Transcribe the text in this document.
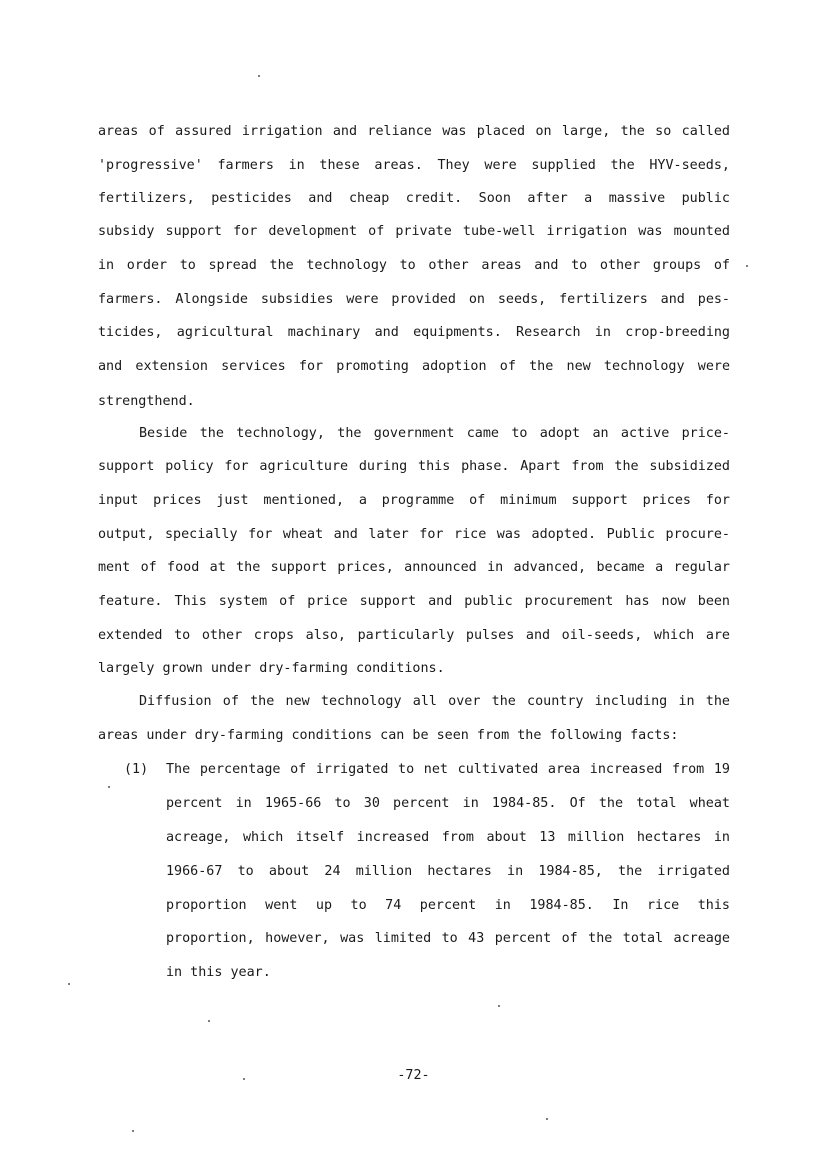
areas of assured irrigation and reliance was placed on large, the so called
'progressive' farmers in these areas. They were supplied the HYV-seeds,
fertilizers, pesticides and cheap credit. Soon after a massive public
subsidy support for development of private tube-well irrigation was mounted
in order to spread the technology to other areas and to other groups of
farmers. Alongside subsidies were provided on seeds, fertilizers and pes-
ticides, agricultural machinary and equipments. Research in crop-breeding
and extension services for promoting adoption of the new technology were
strengthend.
Beside the technology, the government came to adopt an active price-
support policy for agriculture during this phase. Apart from the subsidized
input prices just mentioned, a programme of minimum support prices for
output, specially for wheat and later for rice was adopted. Public procure-
ment of food at the support prices, announced in advanced, became a regular
feature. This system of price support and public procurement has now been
extended to other crops also, particularly pulses and oil-seeds, which are
largely grown under dry-farming conditions.
Diffusion of the new technology all over the country including in the
areas under dry-farming conditions can be seen from the following facts:
(1) The percentage of irrigated to net cultivated area increased from 19
percent in 1965-66 to 30 percent in 1984-85. Of the total wheat
acreage, which itself increased from about 13 million hectares in
1966-67 to about 24 million hectares in 1984-85, the irrigated
proportion went up to 74 percent in 1984-85. In rice this
proportion, however, was limited to 43 percent of the total acreage
in this year.
-72-
